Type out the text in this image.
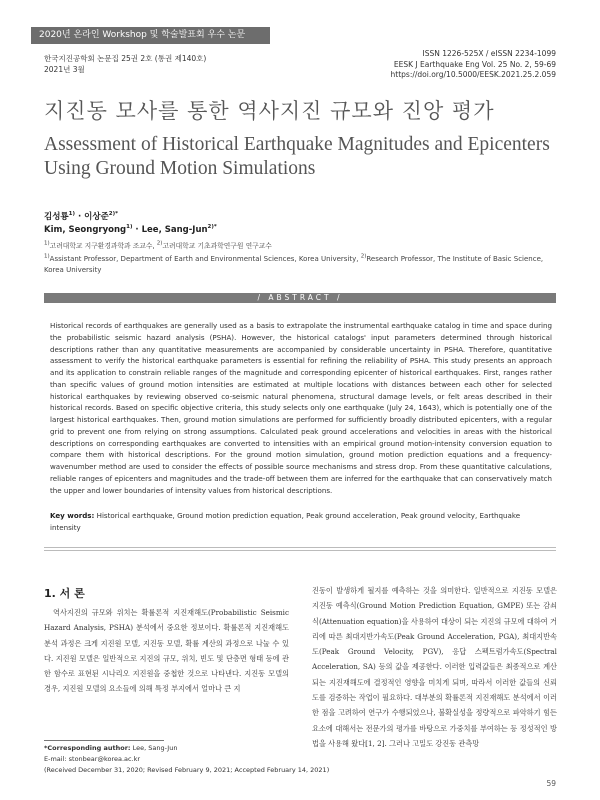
2020년 온라인 Workshop 및 학술발표회 우수 논문
한국지진공학회 논문집 25권 2호 (통권 제140호)
2021년 3월
ISSN 1226-525X / eISSN 2234-1099
EESK J Earthquake Eng Vol. 25 No. 2, 59-69
https://doi.org/10.5000/EESK.2021.25.2.059
지진동 모사를 통한 역사지진 규모와 진앙 평가
Assessment of Historical Earthquake Magnitudes and Epicenters Using Ground Motion Simulations
김성룡$^{1)}$ · 이상준$^{2)*}$
Kim, Seongryong$^{1)}$ · Lee, Sang-Jun$^{2)*}$
$^{1)}$고려대학교 지구환경과학과 조교수, $^{2)}$고려대학교 기초과학연구원 연구교수
$^{1)}$Assistant Professor, Department of Earth and Environmental Sciences, Korea University, $^{2)}$Research Professor, The Institute of Basic Science, Korea University
/ ABSTRACT /
Historical records of earthquakes are generally used as a basis to extrapolate the instrumental earthquake catalog in time and space during the probabilistic seismic hazard analysis (PSHA). However, the historical catalogs' input parameters determined through historical descriptions rather than any quantitative measurements are accompanied by considerable uncertainty in PSHA. Therefore, quantitative assessment to verify the historical earthquake parameters is essential for refining the reliability of PSHA. This study presents an approach and its application to constrain reliable ranges of the magnitude and corresponding epicenter of historical earthquakes. First, ranges rather than specific values of ground motion intensities are estimated at multiple locations with distances between each other for selected historical earthquakes by reviewing observed co-seismic natural phenomena, structural damage levels, or felt areas described in their historical records. Based on specific objective criteria, this study selects only one earthquake (July 24, 1643), which is potentially one of the largest historical earthquakes. Then, ground motion simulations are performed for sufficiently broadly distributed epicenters, with a regular grid to prevent one from relying on strong assumptions. Calculated peak ground accelerations and velocities in areas with the historical descriptions on corresponding earthquakes are converted to intensities with an empirical ground motion-intensity conversion equation to compare them with historical descriptions. For the ground motion simulation, ground motion prediction equations and a frequency-wavenumber method are used to consider the effects of possible source mechanisms and stress drop. From these quantitative calculations, reliable ranges of epicenters and magnitudes and the trade-off between them are inferred for the earthquake that can conservatively match the upper and lower boundaries of intensity values from historical descriptions.
Key words: Historical earthquake, Ground motion prediction equation, Peak ground acceleration, Peak ground velocity, Earthquake intensity
1. 서 론
역사지진의 규모와 위치는 확률론적 지진재해도(Probabilistic Seismic Hazard Analysis, PSHA) 분석에서 중요한 정보이다. 확률론적 지진재해도 분석 과정은 크게 지진원 모델, 지진동 모델, 확률 계산의 과정으로 나눌 수 있다. 지진원 모델은 일반적으로 지진의 규모, 위치, 빈도 및 단층면 형태 등에 관한 함수로 표현된 시나리오 지진원을 중첩한 것으로 나타낸다. 지진동 모델의 경우, 지진원 모델의 요소들에 의해 특정 부지에서 얼마나 큰 지
진동이 발생하게 될지를 예측하는 것을 의미한다. 일반적으로 지진동 모델은 지진동 예측식(Ground Motion Prediction Equation, GMPE) 또는 감쇠식(Attenuation equation)을 사용하여 대상이 되는 지진의 규모에 대하여 거리에 따른 최대지반가속도(Peak Ground Acceleration, PGA), 최대지반속도(Peak Ground Velocity, PGV), 응답 스펙트럼가속도(Spectral Acceleration, SA) 등의 값을 제공한다. 이러한 입력값들은 최종적으로 계산되는 지진재해도에 결정적인 영향을 미치게 되며, 따라서 이러한 값들의 신뢰도를 검증하는 작업이 필요하다. 대부분의 확률론적 지진재해도 분석에서 이러한 점을 고려하여 연구가 수행되었으나, 불확실성을 정량적으로 파악하기 힘든 요소에 대해서는 전문가의 평가를 바탕으로 가중치를 부여하는 등 정성적인 방법을 사용해 왔다[1, 2]. 그러나 고밀도 강진동 관측망
*Corresponding author: Lee, Sang-Jun
E-mail: stonbear@korea.ac.kr
(Received December 31, 2020; Revised February 9, 2021; Accepted February 14, 2021)
59
